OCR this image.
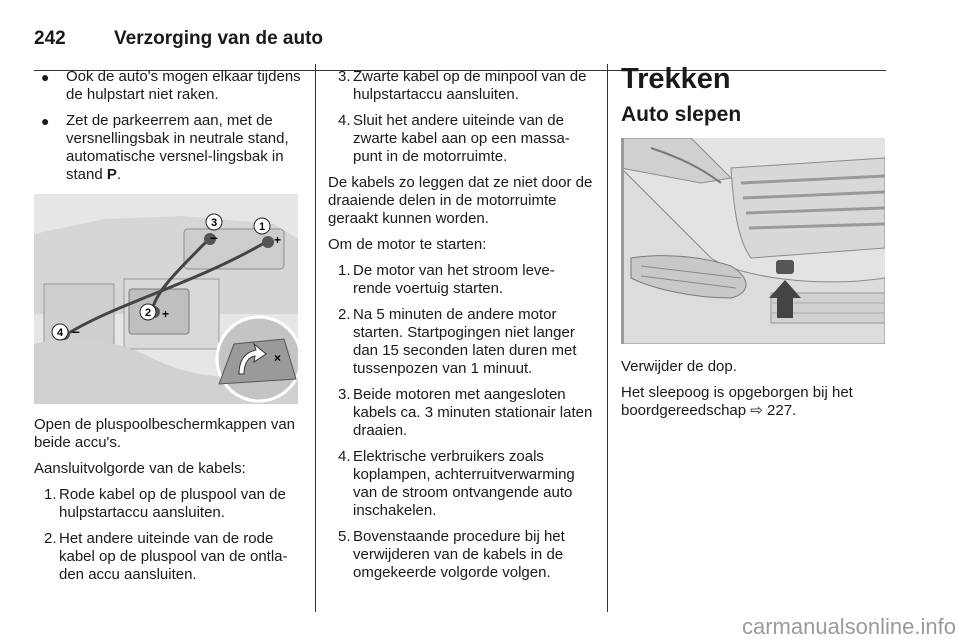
242	Verzorging van de auto
● Ook de auto's mogen elkaar tijdens de hulpstart niet raken.
● Zet de parkeerrem aan, met de versnellingsbak in neutrale stand, automatische versnel-lingsbak in stand P.
1
+
2 +
3
–
4 –
×

Open de pluspoolbeschermkappen van beide accu's.

Aansluitvolgorde van de kabels:

1. Rode kabel op de pluspool van de hulpstartaccu aansluiten.
2. Het andere uiteinde van de rode kabel op de pluspool van de ontla-den accu aansluiten.
3. Zwarte kabel op de minpool van de hulpstartaccu aansluiten.
4. Sluit het andere uiteinde van de zwarte kabel aan op een massa-punt in de motorruimte.

De kabels zo leggen dat ze niet door de draaiende delen in de motorruimte geraakt kunnen worden.

Om de motor te starten:

1. De motor van het stroom leve-rende voertuig starten.
2. Na 5 minuten de andere motor starten. Startpogingen niet langer dan 15 seconden laten duren met tussenpozen van 1 minuut.
3. Beide motoren met aangesloten kabels ca. 3 minuten stationair laten draaien.
4. Elektrische verbruikers zoals koplampen, achterruitverwarming van de stroom ontvangende auto inschakelen.
5. Bovenstaande procedure bij het verwijderen van de kabels in de omgekeerde volgorde volgen.
Trekken
Auto slepen

Verwijder de dop.

Het sleepoog is opgeborgen bij het boordgereedschap ⇨ 227.

carmanualsonline.info
